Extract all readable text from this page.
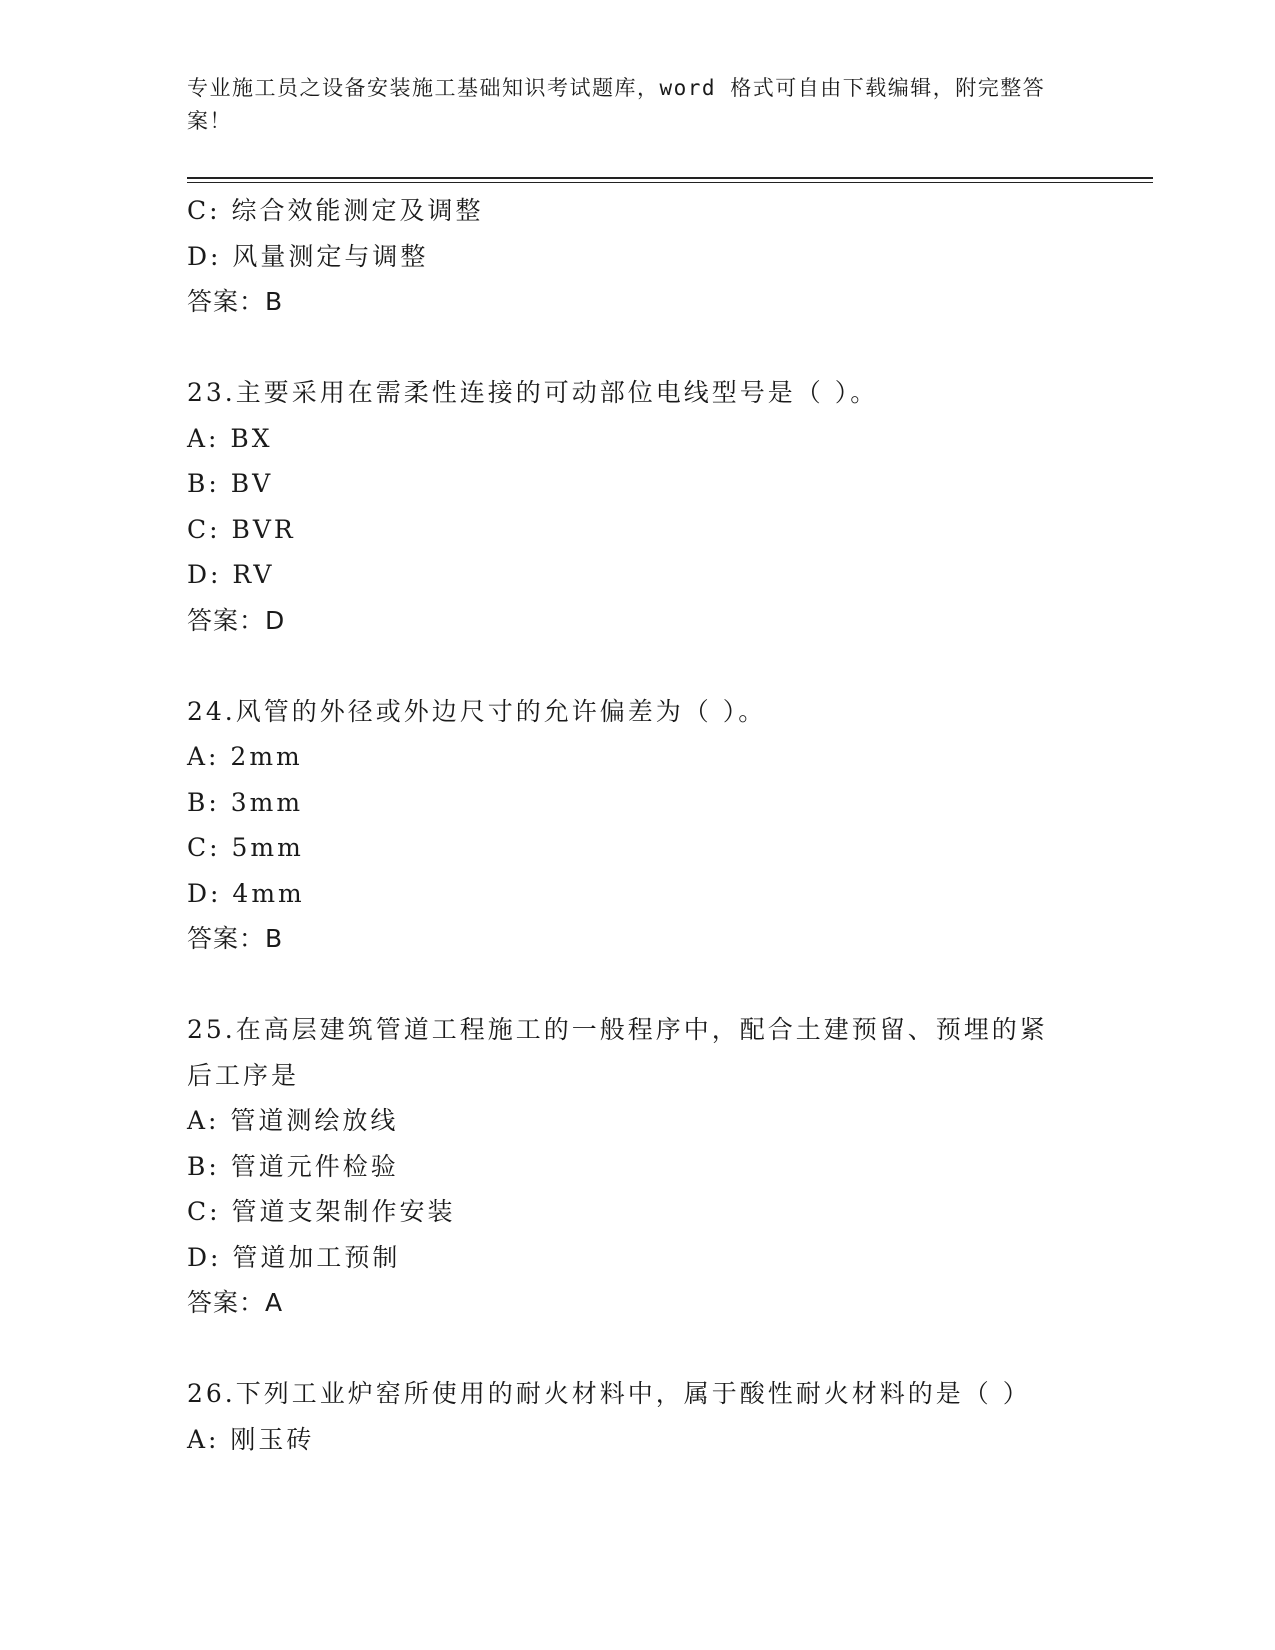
专业施工员之设备安装施工基础知识考试题库，word 格式可自由下载编辑，附完整答案！
C: 综合效能测定及调整
D: 风量测定与调整
答案：B
23.主要采用在需柔性连接的可动部位电线型号是（ ）。
A: BX
B: BV
C: BVR
D: RV
答案：D
24.风管的外径或外边尺寸的允许偏差为（ ）。
A: 2mm
B: 3mm
C: 5mm
D: 4mm
答案：B
25.在高层建筑管道工程施工的一般程序中，配合土建预留、预埋的紧后工序是
A: 管道测绘放线
B: 管道元件检验
C: 管道支架制作安装
D: 管道加工预制
答案：A
26.下列工业炉窑所使用的耐火材料中，属于酸性耐火材料的是（ ）
A: 刚玉砖
